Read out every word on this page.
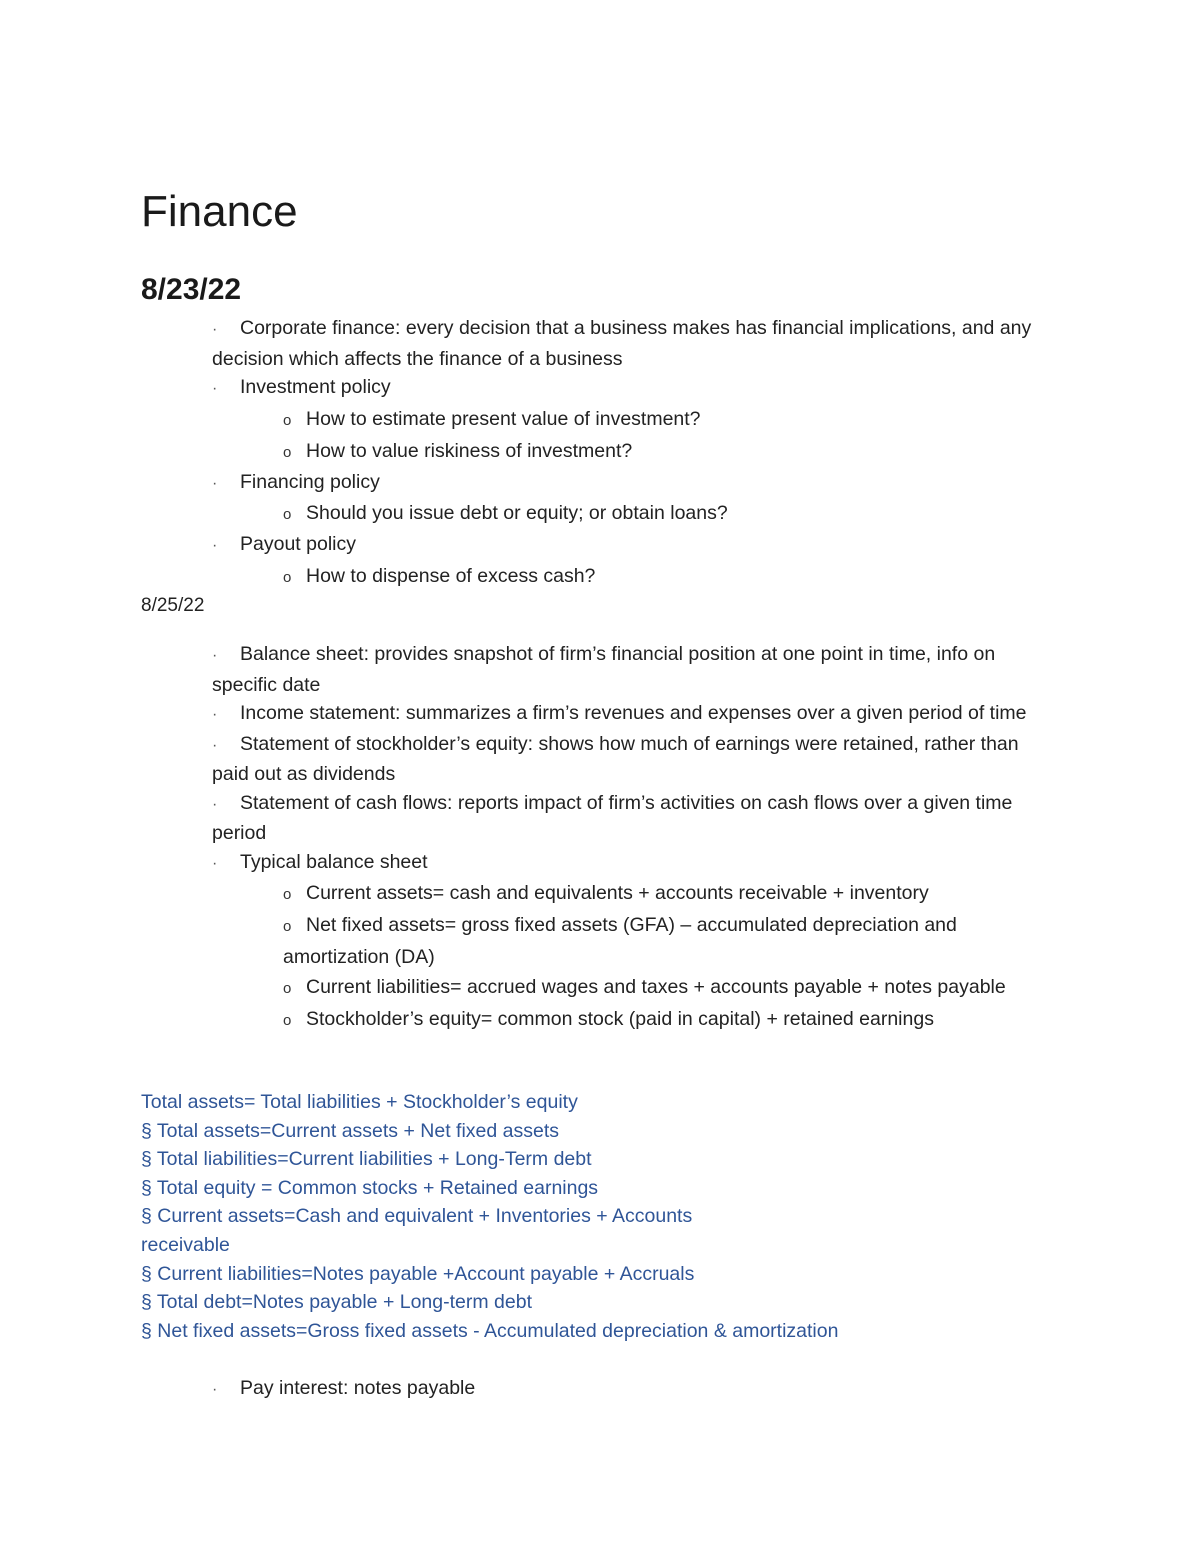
Finance
8/23/22
· Corporate finance: every decision that a business makes has financial implications, and any decision which affects the finance of a business
· Investment policy
o How to estimate present value of investment?
o How to value riskiness of investment?
· Financing policy
o Should you issue debt or equity; or obtain loans?
· Payout policy
o How to dispense of excess cash?
8/25/22
· Balance sheet: provides snapshot of firm’s financial position at one point in time, info on specific date
· Income statement: summarizes a firm’s revenues and expenses over a given period of time
· Statement of stockholder’s equity: shows how much of earnings were retained, rather than paid out as dividends
· Statement of cash flows: reports impact of firm’s activities on cash flows over a given time period
· Typical balance sheet
o Current assets= cash and equivalents + accounts receivable + inventory
o Net fixed assets= gross fixed assets (GFA) – accumulated depreciation and amortization (DA)
o Current liabilities= accrued wages and taxes + accounts payable + notes payable
o Stockholder’s equity= common stock (paid in capital) + retained earnings
Total assets= Total liabilities + Stockholder’s equity
§ Total assets=Current assets + Net fixed assets
§ Total liabilities=Current liabilities + Long-Term debt
§ Total equity = Common stocks + Retained earnings
§ Current assets=Cash and equivalent + Inventories + Accounts receivable
§ Current liabilities=Notes payable +Account payable + Accruals
§ Total debt=Notes payable + Long-term debt
§ Net fixed assets=Gross fixed assets - Accumulated depreciation & amortization
· Pay interest: notes payable
